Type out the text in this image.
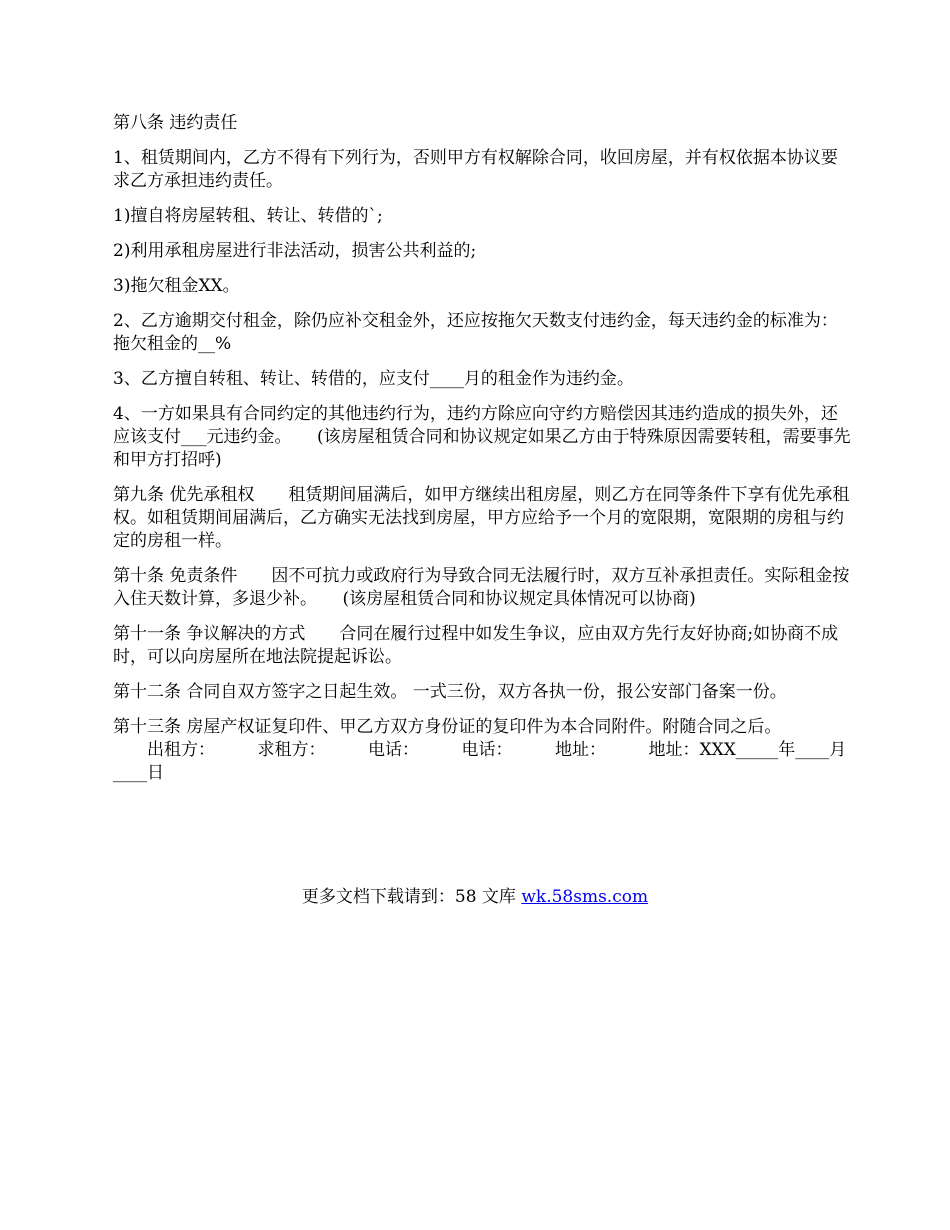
第八条 违约责任

1、租赁期间内，乙方不得有下列行为，否则甲方有权解除合同，收回房屋，并有权依据本协议要求乙方承担违约责任。

1)擅自将房屋转租、转让、转借的`;

2)利用承租房屋进行非法活动，损害公共利益的;

3)拖欠租金XX。

2、乙方逾期交付租金，除仍应补交租金外，还应按拖欠天数支付违约金，每天违约金的标准为：拖欠租金的__%

3、乙方擅自转租、转让、转借的，应支付____月的租金作为违约金。

4、一方如果具有合同约定的其他违约行为，违约方除应向守约方赔偿因其违约造成的损失外，还应该支付___元违约金。　　(该房屋租赁合同和协议规定如果乙方由于特殊原因需要转租，需要事先和甲方打招呼)

第九条 优先承租权　　租赁期间届满后，如甲方继续出租房屋，则乙方在同等条件下享有优先承租权。如租赁期间届满后，乙方确实无法找到房屋，甲方应给予一个月的宽限期，宽限期的房租与约定的房租一样。

第十条 免责条件　　因不可抗力或政府行为导致合同无法履行时，双方互补承担责任。实际租金按入住天数计算，多退少补。　　(该房屋租赁合同和协议规定具体情况可以协商)

第十一条 争议解决的方式　　合同在履行过程中如发生争议，应由双方先行友好协商;如协商不成时，可以向房屋所在地法院提起诉讼。

第十二条 合同自双方签字之日起生效。 一式三份，双方各执一份，报公安部门备案一份。

第十三条 房屋产权证复印件、甲乙方双方身份证的复印件为本合同附件。附随合同之后。

　　出租方：　　　求租方：　　　电话：　　　电话：　　　地址：　　　地址：XXX_____年____月____日

更多文档下载请到：58 文库 wk.58sms.com
